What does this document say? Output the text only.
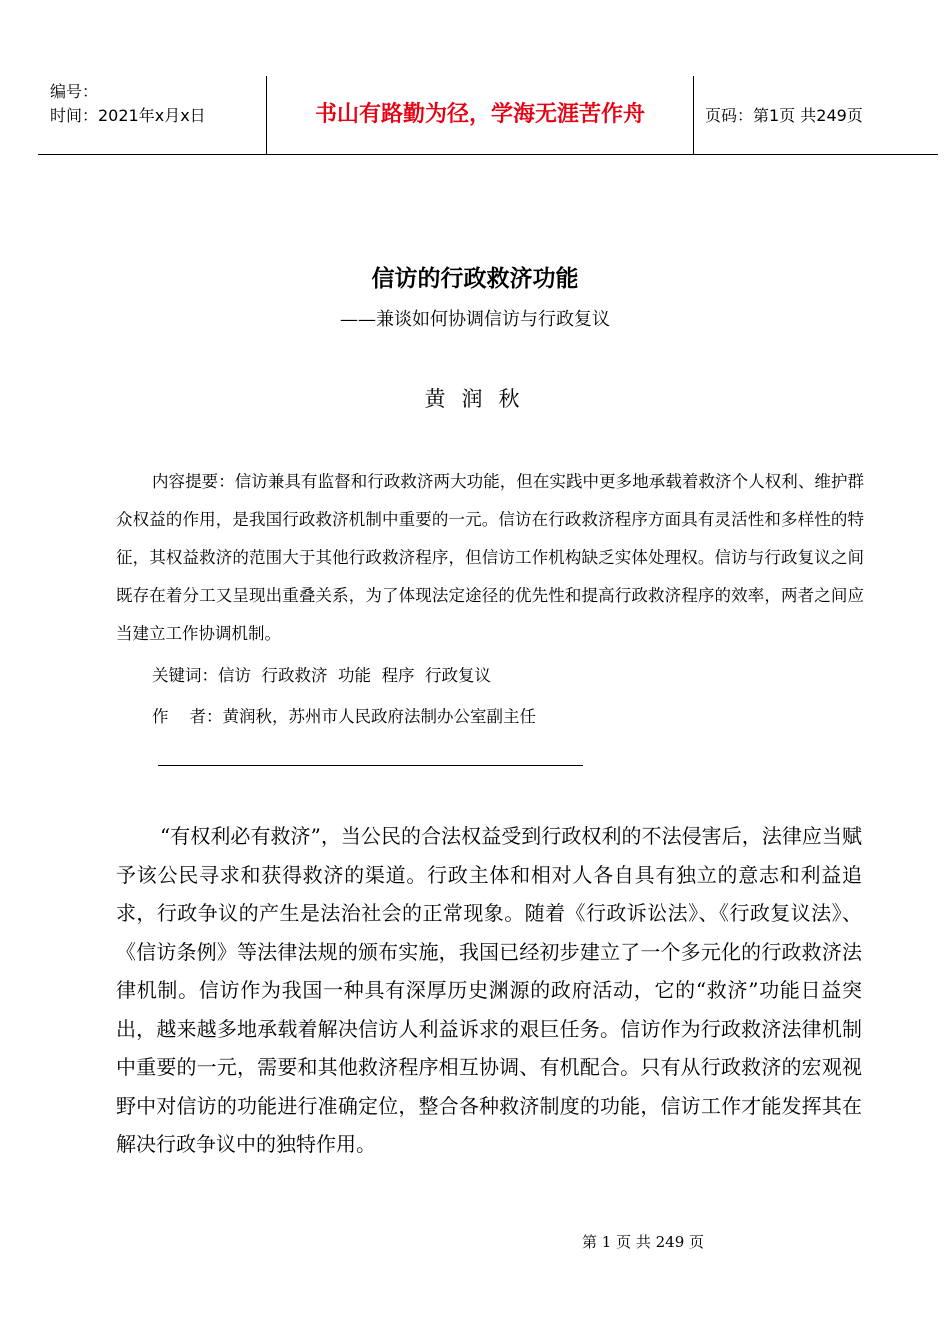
编号：
时间：2021年x月x日	书山有路勤为径，学海无涯苦作舟	页码：第1页 共249页
信访的行政救济功能
——兼谈如何协调信访与行政复议
黄润秋
内容提要：信访兼具有监督和行政救济两大功能，但在实践中更多地承载着救济个人权利、维护群众权益的作用，是我国行政救济机制中重要的一元。信访在行政救济程序方面具有灵活性和多样性的特征，其权益救济的范围大于其他行政救济程序，但信访工作机构缺乏实体处理权。信访与行政复议之间既存在着分工又呈现出重叠关系，为了体现法定途径的优先性和提高行政救济程序的效率，两者之间应当建立工作协调机制。
关键词：信访  行政救济  功能  程序  行政复议
作    者：黄润秋，苏州市人民政府法制办公室副主任
“有权利必有救济”，当公民的合法权益受到行政权利的不法侵害后，法律应当赋予该公民寻求和获得救济的渠道。行政主体和相对人各自具有独立的意志和利益追求，行政争议的产生是法治社会的正常现象。随着《行政诉讼法》、《行政复议法》、《信访条例》等法律法规的颁布实施，我国已经初步建立了一个多元化的行政救济法律机制。信访作为我国一种具有深厚历史渊源的政府活动，它的“救济”功能日益突出，越来越多地承载着解决信访人利益诉求的艰巨任务。信访作为行政救济法律机制中重要的一元，需要和其他救济程序相互协调、有机配合。只有从行政救济的宏观视野中对信访的功能进行准确定位，整合各种救济制度的功能，信访工作才能发挥其在解决行政争议中的独特作用。
第 1 页 共 249 页
